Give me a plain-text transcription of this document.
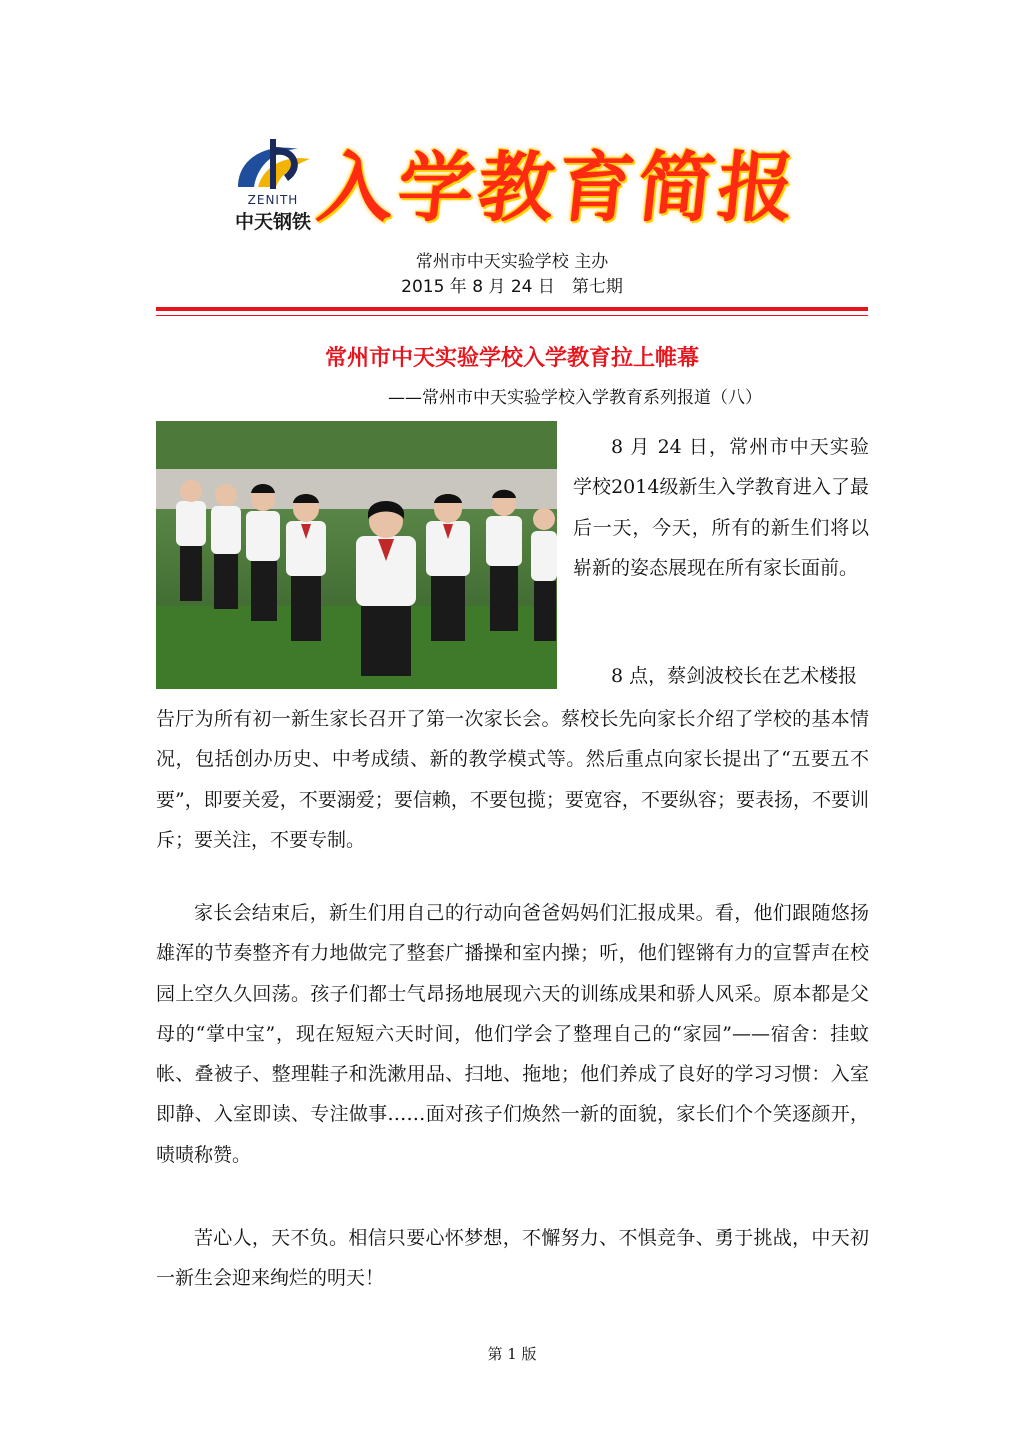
ZENITH
中天钢铁 入学教育简报
常州市中天实验学校 主办
2015 年 8 月 24 日　第七期
常州市中天实验学校入学教育拉上帷幕
——常州市中天实验学校入学教育系列报道（八）
8 月 24 日，常州市中天实验学校2014级新生入学教育进入了最后一天，今天，所有的新生们将以崭新的姿态展现在所有家长面前。
8 点，蔡剑波校长在艺术楼报
告厅为所有初一新生家长召开了第一次家长会。蔡校长先向家长介绍了学校的基本情况，包括创办历史、中考成绩、新的教学模式等。然后重点向家长提出了“五要五不要”，即要关爱，不要溺爱；要信赖，不要包揽；要宽容，不要纵容；要表扬，不要训斥；要关注，不要专制。
家长会结束后，新生们用自己的行动向爸爸妈妈们汇报成果。看，他们跟随悠扬雄浑的节奏整齐有力地做完了整套广播操和室内操；听，他们铿锵有力的宣誓声在校园上空久久回荡。孩子们都士气昂扬地展现六天的训练成果和骄人风采。原本都是父母的“掌中宝”，现在短短六天时间，他们学会了整理自己的“家园”——宿舍：挂蚊帐、叠被子、整理鞋子和洗漱用品、扫地、拖地；他们养成了良好的学习习惯：入室即静、入室即读、专注做事……面对孩子们焕然一新的面貌，家长们个个笑逐颜开，啧啧称赞。
苦心人，天不负。相信只要心怀梦想，不懈努力、不惧竞争、勇于挑战，中天初一新生会迎来绚烂的明天！
第 1 版
